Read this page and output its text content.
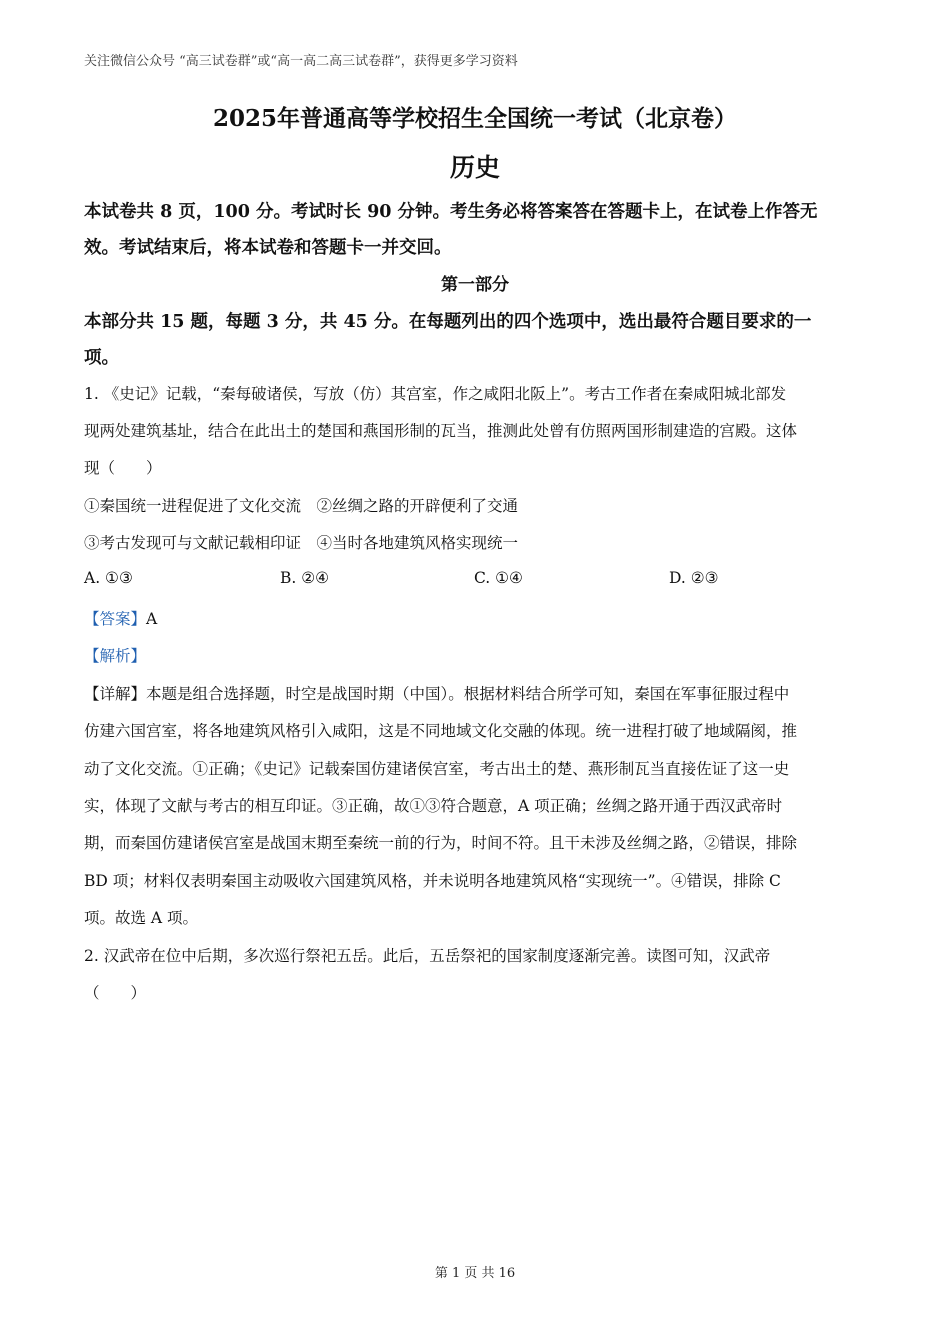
关注微信公众号 “高三试卷群”或“高一高二高三试卷群”，获得更多学习资料
2025年普通高等学校招生全国统一考试（北京卷）
历史
本试卷共 8 页，100 分。考试时长 90 分钟。考生务必将答案答在答题卡上，在试卷上作答无
效。考试结束后，将本试卷和答题卡一并交回。
第一部分
本部分共 15 题，每题 3 分，共 45 分。在每题列出的四个选项中，选出最符合题目要求的一
项。
1. 《史记》记载，“秦每破诸侯，写放（仿）其宫室，作之咸阳北阪上”。考古工作者在秦咸阳城北部发
现两处建筑基址，结合在此出土的楚国和燕国形制的瓦当，推测此处曾有仿照两国形制建造的宫殿。这体
现（　　）
①秦国统一进程促进了文化交流　②丝绸之路的开辟便利了交通
③考古发现可与文献记载相印证　④当时各地建筑风格实现统一
A. ①③	B. ②④	C. ①④	D. ②③
【答案】A
【解析】
【详解】本题是组合选择题，时空是战国时期（中国）。根据材料结合所学可知，秦国在军事征服过程中
仿建六国宫室，将各地建筑风格引入咸阳，这是不同地域文化交融的体现。统一进程打破了地域隔阂，推
动了文化交流。①正确；《史记》记载秦国仿建诸侯宫室，考古出土的楚、燕形制瓦当直接佐证了这一史
实，体现了文献与考古的相互印证。③正确，故①③符合题意，A 项正确；丝绸之路开通于西汉武帝时
期，而秦国仿建诸侯宫室是战国末期至秦统一前的行为，时间不符。且干未涉及丝绸之路，②错误，排除
BD 项；材料仅表明秦国主动吸收六国建筑风格，并未说明各地建筑风格“实现统一”。④错误，排除 C
项。故选 A 项。
2. 汉武帝在位中后期，多次巡行祭祀五岳。此后，五岳祭祀的国家制度逐渐完善。读图可知，汉武帝
（　　）
第 1 页 共 16
